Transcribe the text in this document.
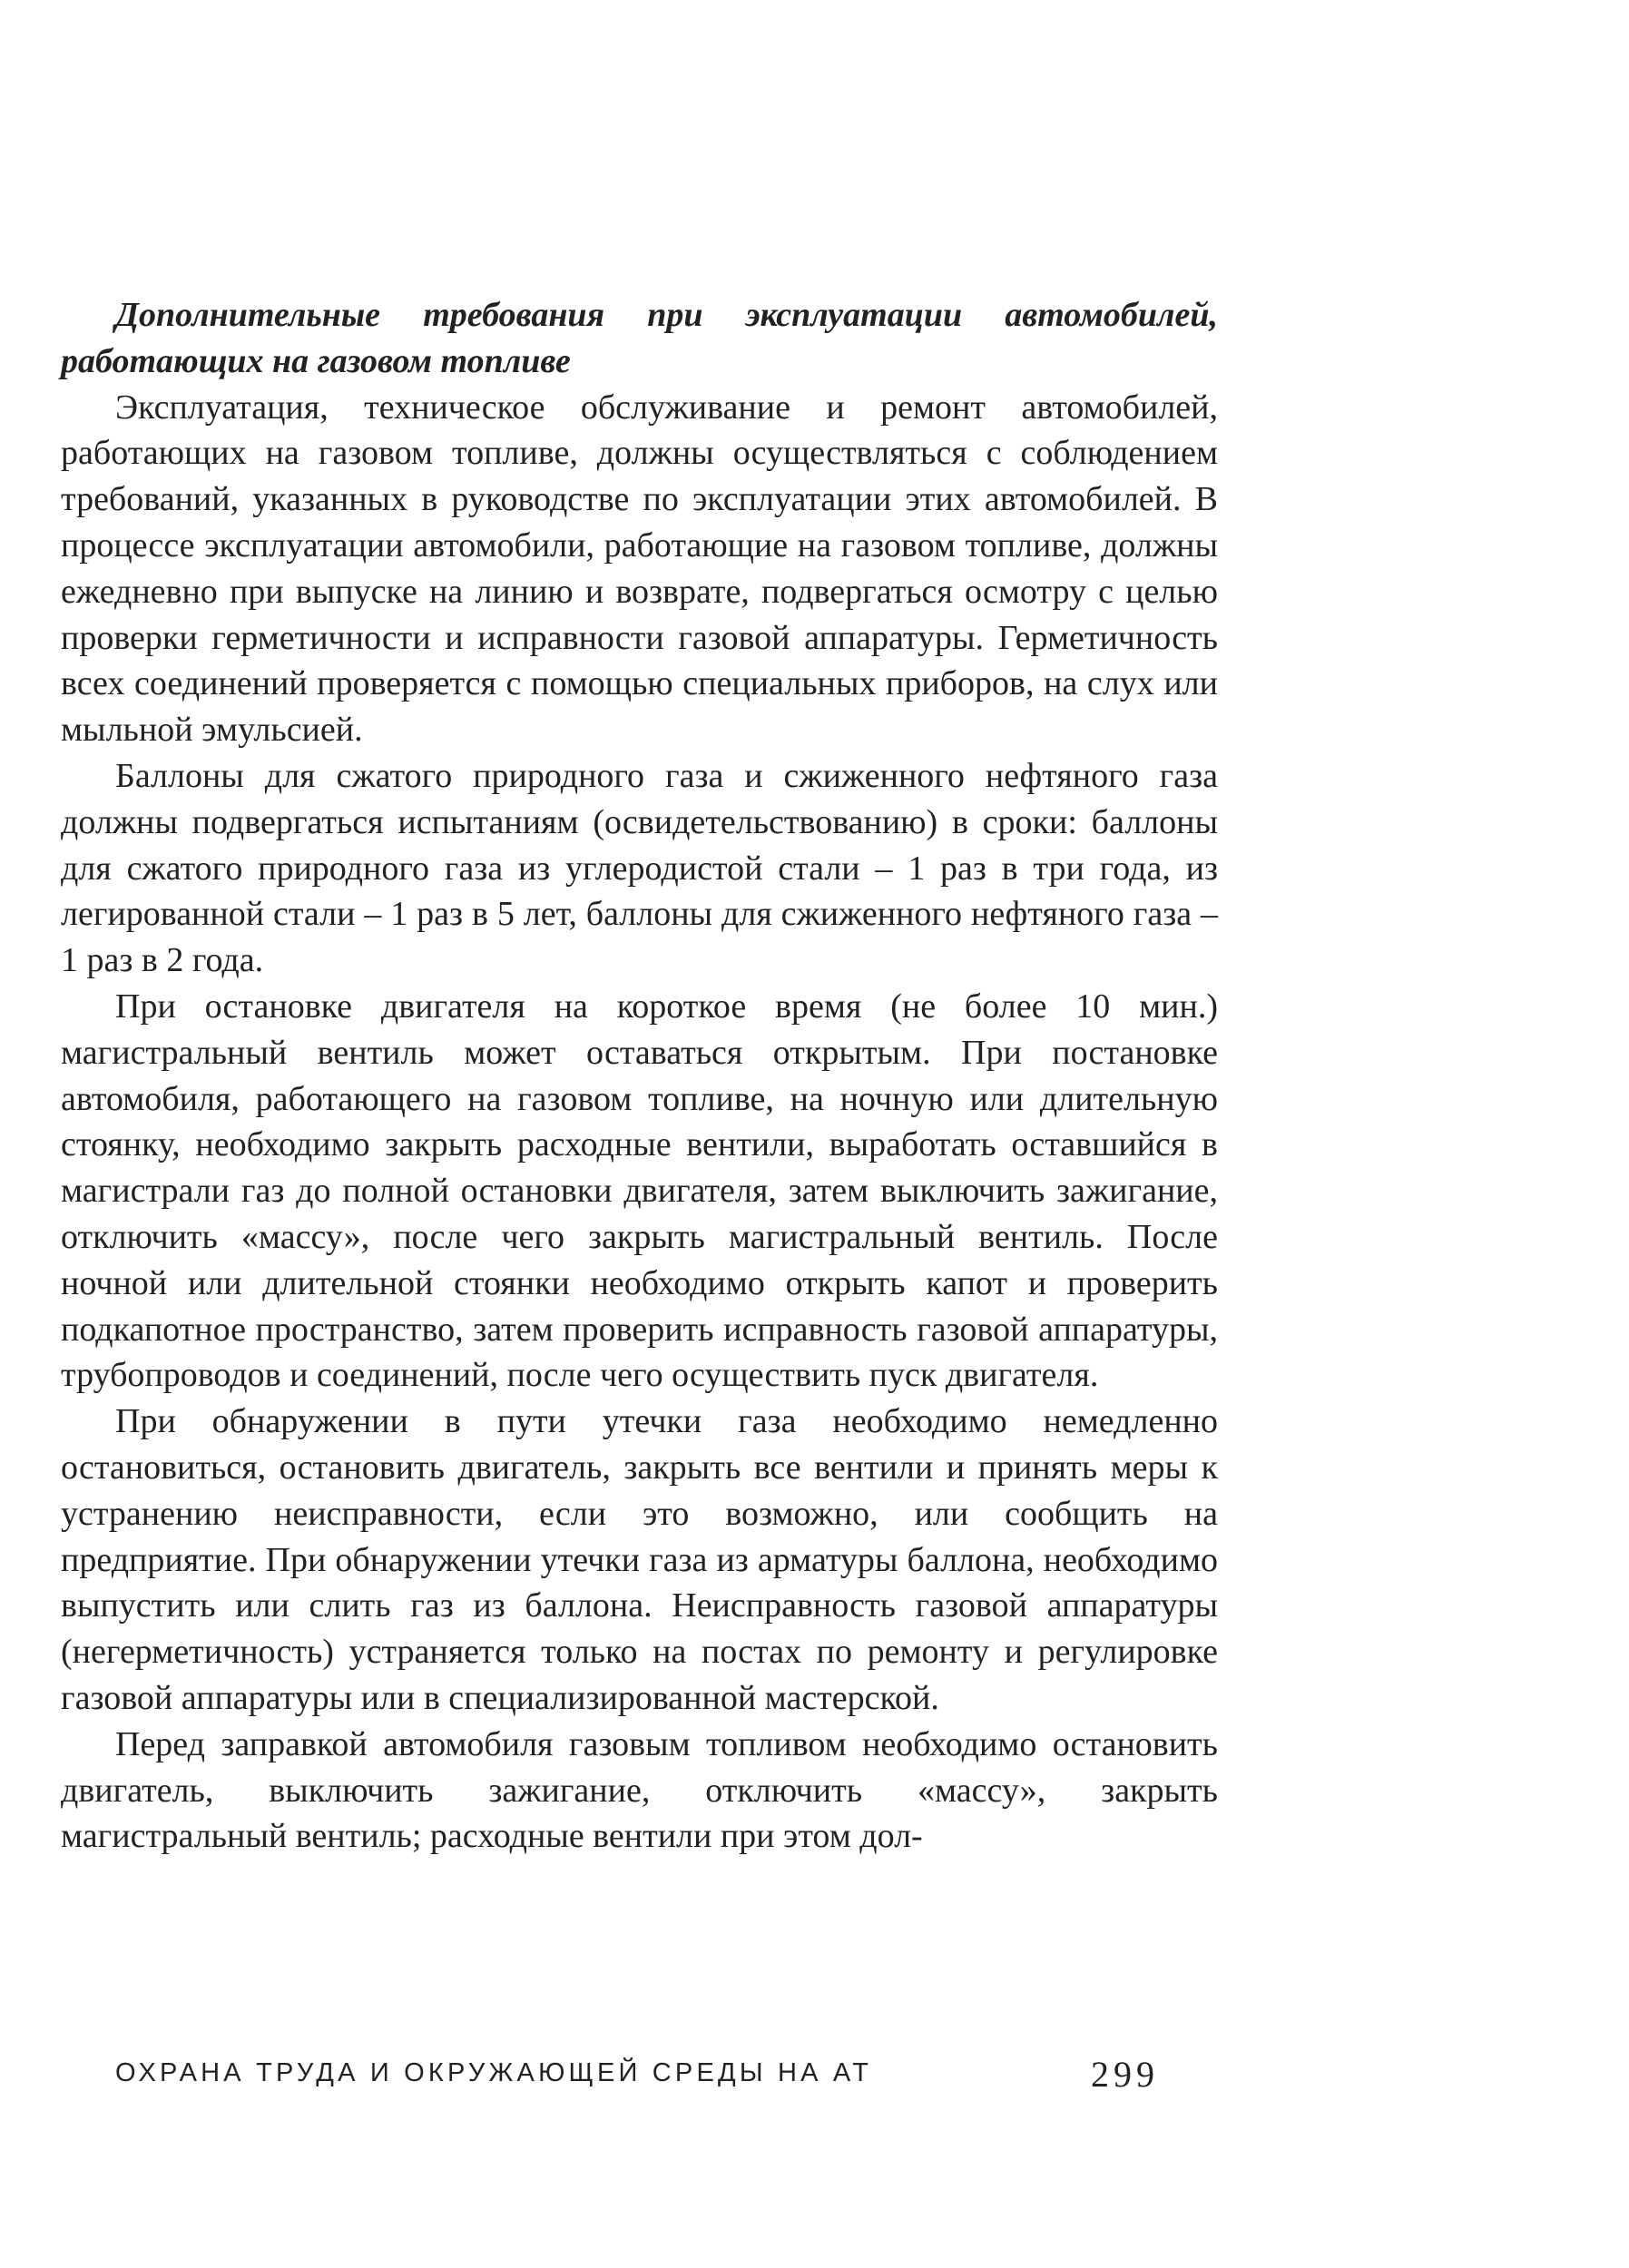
Дополнительные требования при эксплуатации автомобилей, работающих на газовом топливе

Эксплуатация, техническое обслуживание и ремонт автомобилей, работающих на газовом топливе, должны осуществляться с соблюдением требований, указанных в руководстве по эксплуатации этих автомобилей. В процессе эксплуатации автомобили, работающие на газовом топливе, должны ежедневно при выпуске на линию и возврате, подвергаться осмотру с целью проверки герметичности и исправности газовой аппаратуры. Герметичность всех соединений проверяется с помощью специальных приборов, на слух или мыльной эмульсией.

Баллоны для сжатого природного газа и сжиженного нефтяного газа должны подвергаться испытаниям (освидетельствованию) в сроки: баллоны для сжатого природного газа из углеродистой стали – 1 раз в три года, из легированной стали – 1 раз в 5 лет, баллоны для сжиженного нефтяного газа – 1 раз в 2 года.

При остановке двигателя на короткое время (не более 10 мин.) магистральный вентиль может оставаться открытым. При постановке автомобиля, работающего на газовом топливе, на ночную или длительную стоянку, необходимо закрыть расходные вентили, выработать оставшийся в магистрали газ до полной остановки двигателя, затем выключить зажигание, отключить «массу», после чего закрыть магистральный вентиль. После ночной или длительной стоянки необходимо открыть капот и проверить подкапотное пространство, затем проверить исправность газовой аппаратуры, трубопроводов и соединений, после чего осуществить пуск двигателя.

При обнаружении в пути утечки газа необходимо немедленно остановиться, остановить двигатель, закрыть все вентили и принять меры к устранению неисправности, если это возможно, или сообщить на предприятие. При обнаружении утечки газа из арматуры баллона, необходимо выпустить или слить газ из баллона. Неисправность газовой аппаратуры (негерметичность) устраняется только на постах по ремонту и регулировке газовой аппаратуры или в специализированной мастерской.

Перед заправкой автомобиля газовым топливом необходимо остановить двигатель, выключить зажигание, отключить «массу», закрыть магистральный вентиль; расходные вентили при этом дол-

ОХРАНА ТРУДА И ОКРУЖАЮЩЕЙ СРЕДЫ НА АТ	299
